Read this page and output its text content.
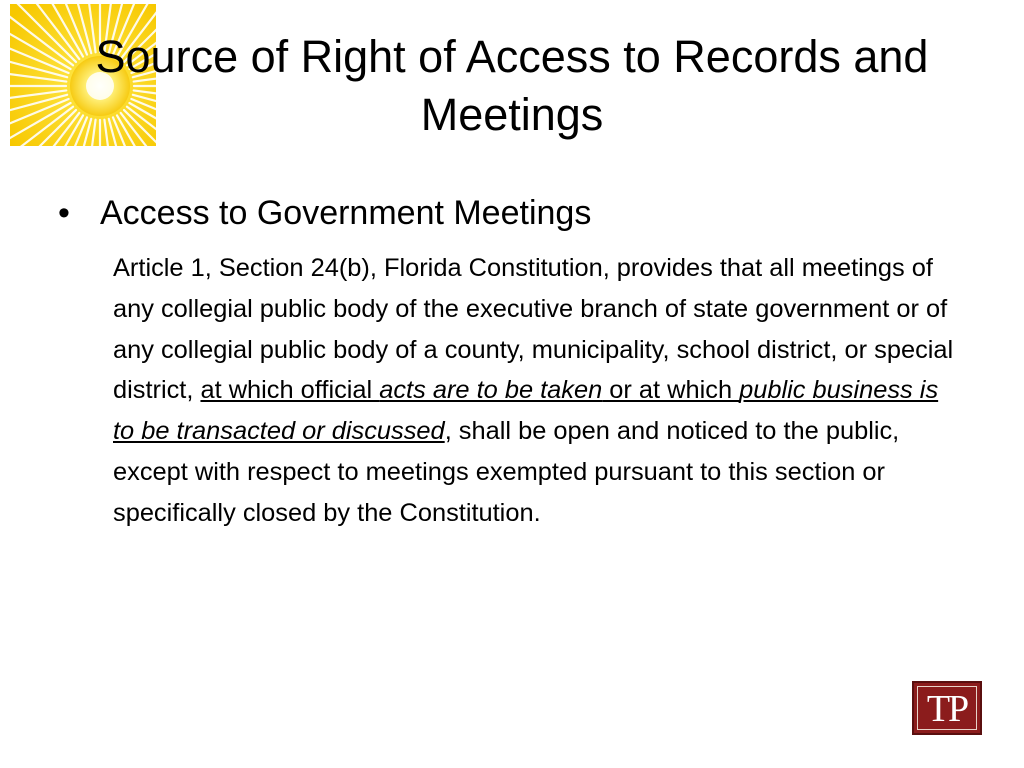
Source of Right of Access to Records and Meetings
• Access to Government Meetings

Article 1, Section 24(b), Florida Constitution, provides that all meetings of any collegial public body of the executive branch of state government or of any collegial public body of a county, municipality, school district, or special district, at which official acts are to be taken or at which public business is to be transacted or discussed, shall be open and noticed to the public, except with respect to meetings exempted pursuant to this section or specifically closed by the Constitution.

TP
